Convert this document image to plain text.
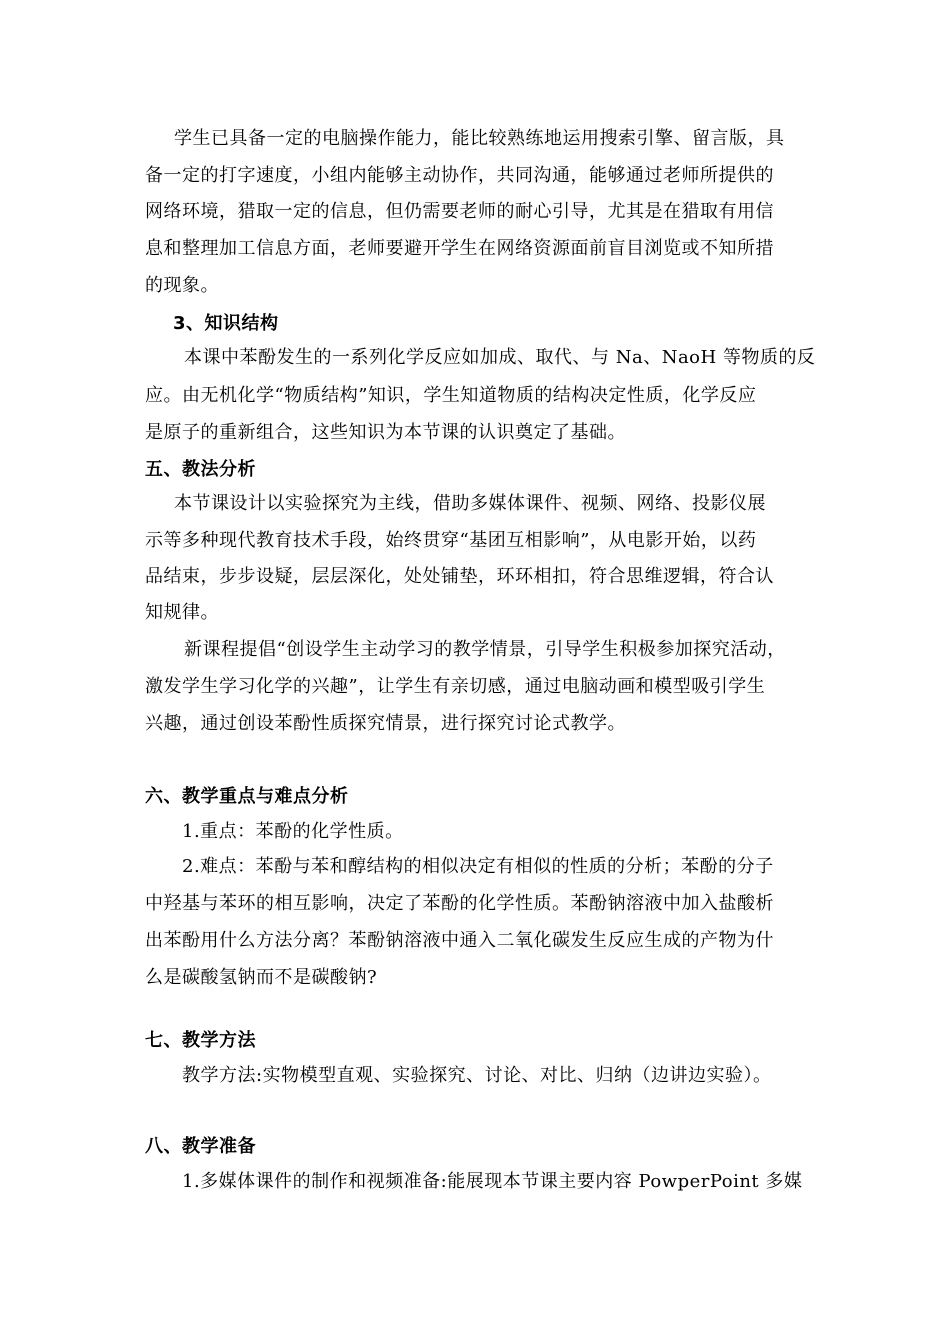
学生已具备一定的电脑操作能力，能比较熟练地运用搜索引擎、留言版，具
备一定的打字速度，小组内能够主动协作，共同沟通，能够通过老师所提供的
网络环境，猎取一定的信息，但仍需要老师的耐心引导，尤其是在猎取有用信
息和整理加工信息方面，老师要避开学生在网络资源面前盲目浏览或不知所措
的现象。
3、知识结构
本课中苯酚发生的一系列化学反应如加成、取代、与 Na、NaoH 等物质的反
应。由无机化学“物质结构”知识，学生知道物质的结构决定性质，化学反应
是原子的重新组合，这些知识为本节课的认识奠定了基础。
五、教法分析
本节课设计以实验探究为主线，借助多媒体课件、视频、网络、投影仪展
示等多种现代教育技术手段，始终贯穿“基团互相影响”，从电影开始，以药
品结束，步步设疑，层层深化，处处铺垫，环环相扣，符合思维逻辑，符合认
知规律。
新课程提倡“创设学生主动学习的教学情景，引导学生积极参加探究活动，
激发学生学习化学的兴趣”，让学生有亲切感，通过电脑动画和模型吸引学生
兴趣，通过创设苯酚性质探究情景，进行探究讨论式教学。
六、教学重点与难点分析
1.重点：苯酚的化学性质。
2.难点：苯酚与苯和醇结构的相似决定有相似的性质的分析；苯酚的分子
中羟基与苯环的相互影响，决定了苯酚的化学性质。苯酚钠溶液中加入盐酸析
出苯酚用什么方法分离？苯酚钠溶液中通入二氧化碳发生反应生成的产物为什
么是碳酸氢钠而不是碳酸钠?
七、教学方法
教学方法:实物模型直观、实验探究、讨论、对比、归纳（边讲边实验）。
八、教学准备
1.多媒体课件的制作和视频准备:能展现本节课主要内容 PowperPoint 多媒
